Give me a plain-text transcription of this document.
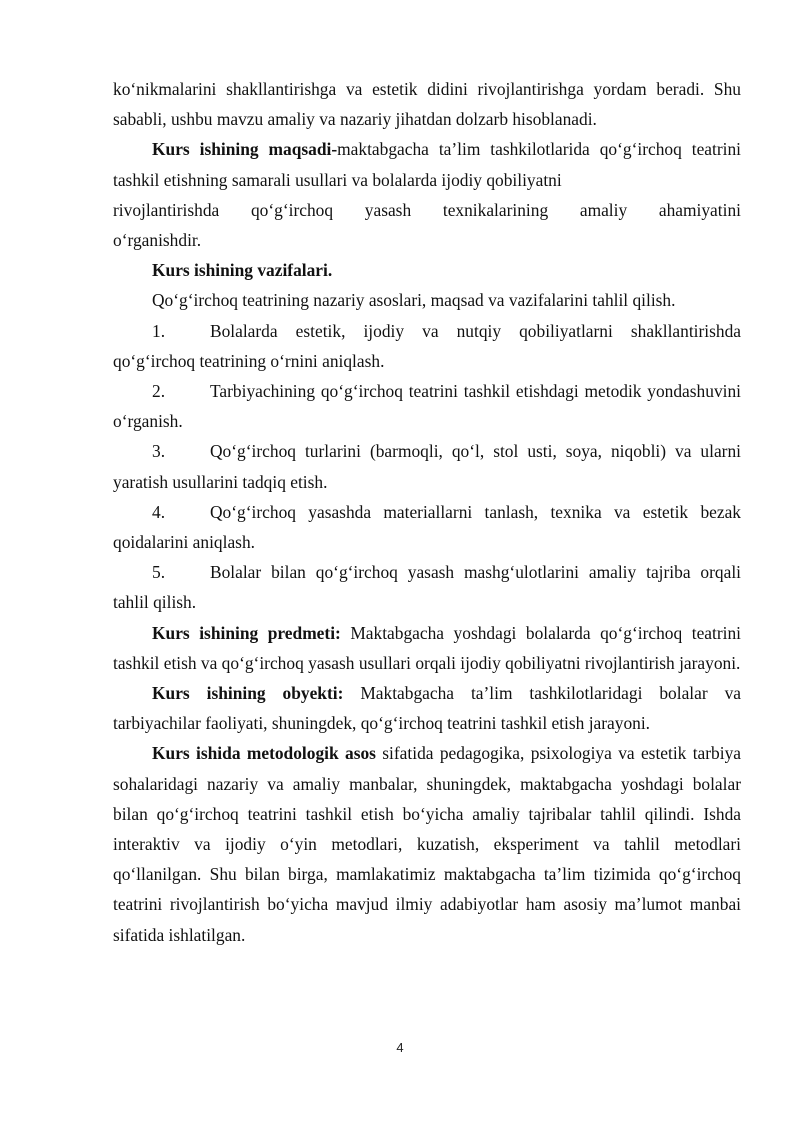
ko‘nikmalarini shakllantirishga va estetik didini rivojlantirishga yordam beradi. Shu sababli, ushbu mavzu amaliy va nazariy jihatdan dolzarb hisoblanadi.

Kurs ishining maqsadi-maktabgacha ta’lim tashkilotlarida qo‘g‘irchoq teatrini tashkil etishning samarali usullari va bolalarda ijodiy qobiliyatni

rivojlantirishda qo‘g‘irchoq yasash texnikalarining amaliy ahamiyatini

o‘rganishdir.

Kurs ishining vazifalari.

Qo‘g‘irchoq teatrining nazariy asoslari, maqsad va vazifalarini tahlil qilish.

1.	Bolalarda estetik, ijodiy va nutqiy qobiliyatlarni shakllantirishda qo‘g‘irchoq teatrining o‘rnini aniqlash.

2.	Tarbiyachining qo‘g‘irchoq teatrini tashkil etishdagi metodik yondashuvini o‘rganish.

3.	Qo‘g‘irchoq turlarini (barmoqli, qo‘l, stol usti, soya, niqobli) va ularni yaratish usullarini tadqiq etish.

4.	Qo‘g‘irchoq yasashda materiallarni tanlash, texnika va estetik bezak qoidalarini aniqlash.

5.	Bolalar bilan qo‘g‘irchoq yasash mashg‘ulotlarini amaliy tajriba orqali tahlil qilish.

Kurs ishining predmeti: Maktabgacha yoshdagi bolalarda qo‘g‘irchoq teatrini tashkil etish va qo‘g‘irchoq yasash usullari orqali ijodiy qobiliyatni rivojlantirish jarayoni.

Kurs ishining obyekti: Maktabgacha ta’lim tashkilotlaridagi bolalar va tarbiyachilar faoliyati, shuningdek, qo‘g‘irchoq teatrini tashkil etish jarayoni.

Kurs ishida metodologik asos sifatida pedagogika, psixologiya va estetik tarbiya sohalaridagi nazariy va amaliy manbalar, shuningdek, maktabgacha yoshdagi bolalar bilan qo‘g‘irchoq teatrini tashkil etish bo‘yicha amaliy tajribalar tahlil qilindi. Ishda interaktiv va ijodiy o‘yin metodlari, kuzatish, eksperiment va tahlil metodlari qo‘llanilgan. Shu bilan birga, mamlakatimiz maktabgacha ta’lim tizimida qo‘g‘irchoq teatrini rivojlantirish bo‘yicha mavjud ilmiy adabiyotlar ham asosiy ma’lumot manbai sifatida ishlatilgan.

4
